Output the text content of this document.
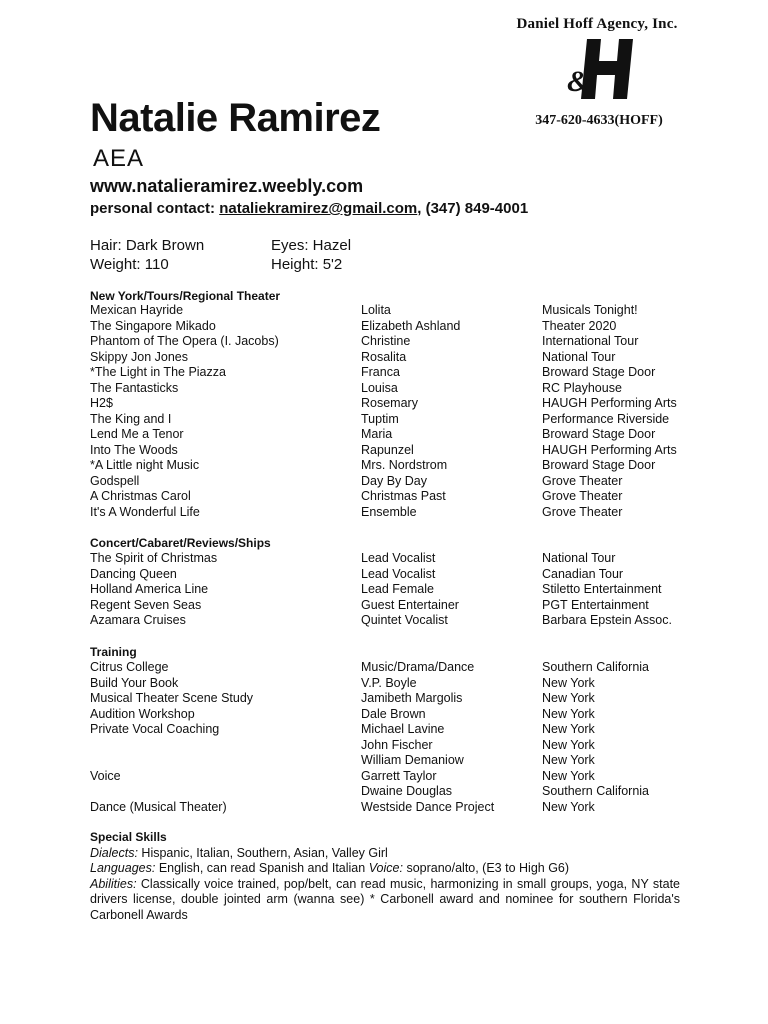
Daniel Hoff Agency, Inc.
&
347-620-4633(HOFF)
Natalie Ramirez
AEA
www.natalieramirez.weebly.com
personal contact: nataliekramirez@gmail.com, (347) 849-4001
Hair: Dark Brown	Eyes: Hazel
Weight: 110	Height: 5'2
New York/Tours/Regional Theater
Mexican Hayride	Lolita	Musicals Tonight!
The Singapore Mikado	Elizabeth Ashland	Theater 2020
Phantom of The Opera (I. Jacobs)	Christine	International Tour
Skippy Jon Jones	Rosalita	National Tour
*The Light in The Piazza	Franca	Broward Stage Door
The Fantasticks	Louisa	RC Playhouse
H2$	Rosemary	HAUGH Performing Arts
The King and I	Tuptim	Performance Riverside
Lend Me a Tenor	Maria	Broward Stage Door
Into The Woods	Rapunzel	HAUGH Performing Arts
*A Little night Music	Mrs. Nordstrom	Broward Stage Door
Godspell	Day By Day	Grove Theater
A Christmas Carol	Christmas Past	Grove Theater
It's A Wonderful Life	Ensemble	Grove Theater
Concert/Cabaret/Reviews/Ships
The Spirit of Christmas	Lead Vocalist	National Tour
Dancing Queen	Lead Vocalist	Canadian Tour
Holland America Line	Lead Female	Stiletto Entertainment
Regent Seven Seas	Guest Entertainer	PGT Entertainment
Azamara Cruises	Quintet Vocalist	Barbara Epstein Assoc.
Training
Citrus College	Music/Drama/Dance	Southern California
Build Your Book	V.P. Boyle	New York
Musical Theater Scene Study	Jamibeth Margolis	New York
Audition Workshop	Dale Brown	New York
Private Vocal Coaching	Michael Lavine	New York
	John Fischer	New York
	William Demaniow	New York
Voice	Garrett Taylor	New York
	Dwaine Douglas	Southern California
Dance (Musical Theater)	Westside Dance Project	New York
Special Skills
Dialects: Hispanic, Italian, Southern, Asian, Valley Girl
Languages: English, can read Spanish and Italian Voice: soprano/alto, (E3 to High G6)
Abilities: Classically voice trained, pop/belt, can read music, harmonizing in small groups, yoga, NY state drivers license, double jointed arm (wanna see) * Carbonell award and nominee for southern Florida's Carbonell Awards
